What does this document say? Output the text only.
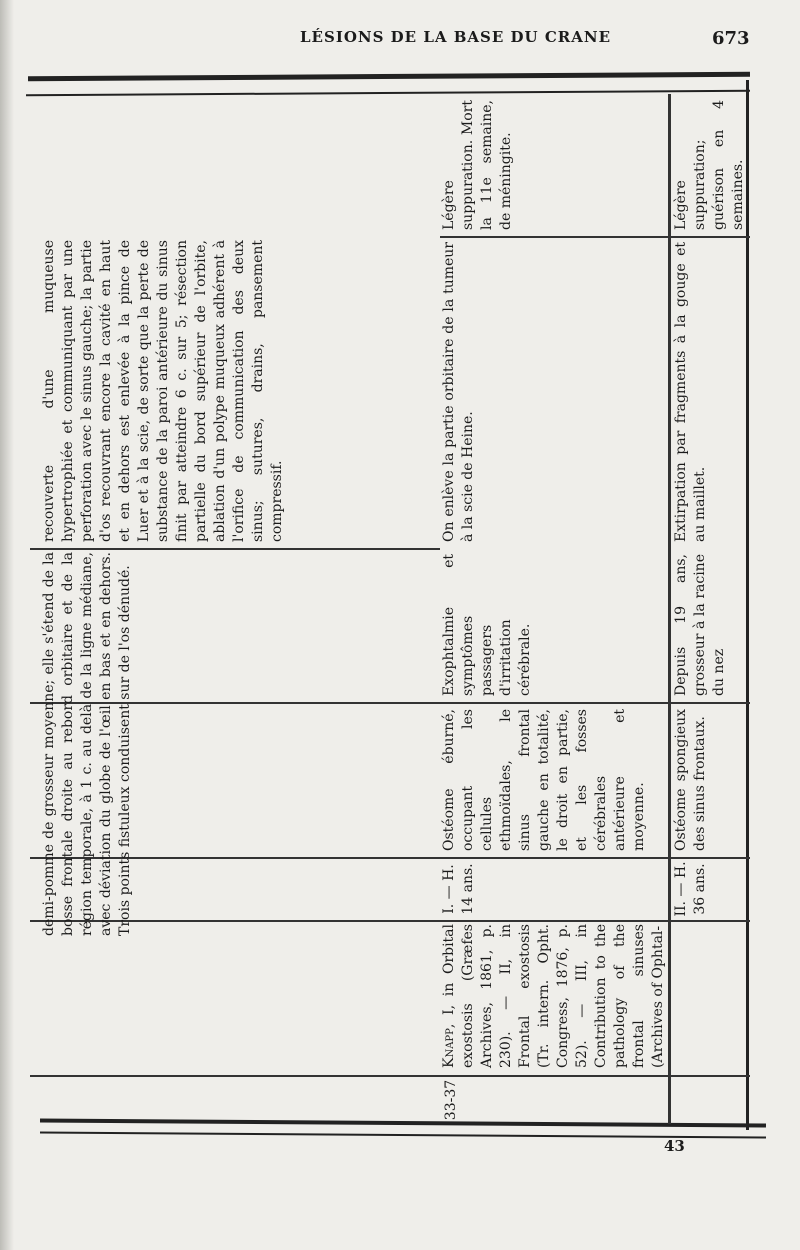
LÉSIONS DE LA BASE DU CRANE	673
demi-pomme de grosseur moyenne; elle s'étend de la bosse frontale droite au rebord orbitaire et de la région temporale, à 1 c. au delà de la ligne médiane, avec déviation du globe de l'œil en bas et en dehors. Trois points fistuleux conduisent sur de l'os dénudé.
recouverte d'une muqueuse hypertrophiée et communiquant par une perforation avec le sinus gauche; la partie d'os recouvrant encore la cavité en haut et en dehors est enlevée à la pince de Luer et à la scie, de sorte que la perte de substance de la paroi antérieure du sinus finit par atteindre 6 c. sur 5; résection partielle du bord supérieur de l'orbite, ablation d'un polype muqueux adhérent à l'orifice de communication des deux sinus; sutures, drains, pansement compressif.
33-37
Knapp, I, in Orbital exostosis (Græfes Archives, 1861, p. 230). — II, in Frontal exostosis (Tr. intern. Opht. Congress, 1876, p. 52). — III, in Contribution to the pathology of the frontal sinuses (Archives of Ophtal-
I. — H. 14 ans.
Ostéome éburné, occupant les cellules ethmoïdales, le sinus frontal gauche en totalité, le droit en partie, et les fosses cérébrales antérieure et moyenne.
Exophtalmie et symptômes passagers d'irritation cérébrale.
On enlève la partie orbitaire de la tumeur à la scie de Heine.
Légère suppuration. Mort la 11e semaine, de méningite.
II. — H. 36 ans.
Ostéome spongieux des sinus frontaux.
Depuis 19 ans, grosseur à la racine du nez
Extirpation par fragments à la gouge et au maillet.
Légère suppuration; guérison en 4 semaines.
43
